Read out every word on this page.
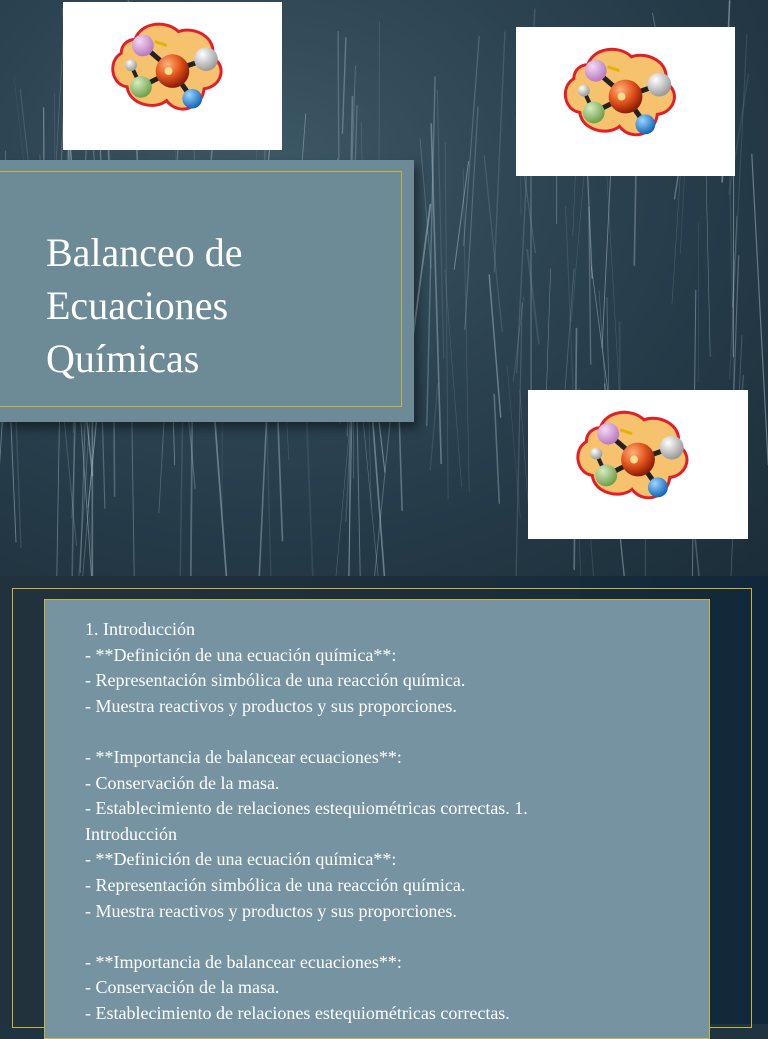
Balanceo de
Ecuaciones
Químicas
1. Introducción
- **Definición de una ecuación química**:
- Representación simbólica de una reacción química.
- Muestra reactivos y productos y sus proporciones.
- **Importancia de balancear ecuaciones**:
- Conservación de la masa.
- Establecimiento de relaciones estequiométricas correctas. 1.
Introducción
- **Definición de una ecuación química**:
- Representación simbólica de una reacción química.
- Muestra reactivos y productos y sus proporciones.
- **Importancia de balancear ecuaciones**:
- Conservación de la masa.
- Establecimiento de relaciones estequiométricas correctas.
